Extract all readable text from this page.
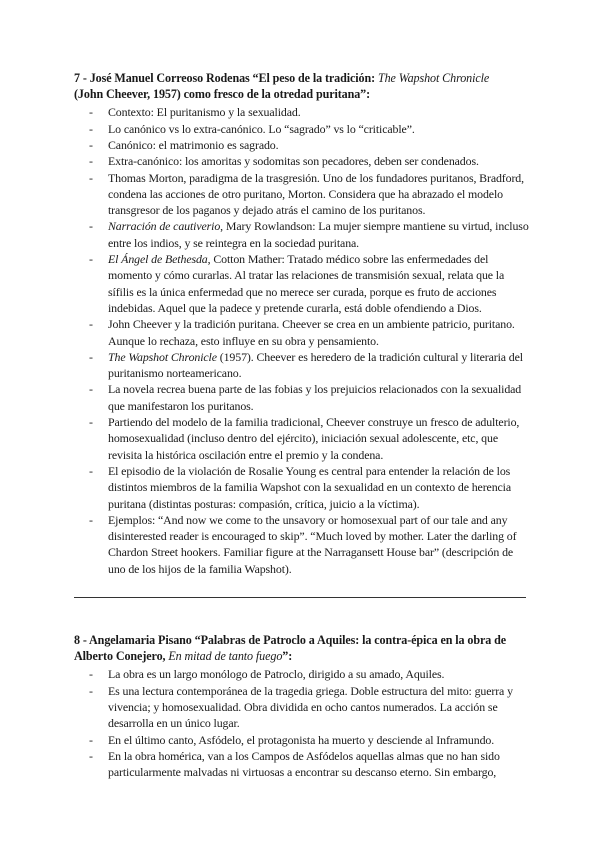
7 - José Manuel Correoso Rodenas “El peso de la tradición: The Wapshot Chronicle
(John Cheever, 1957) como fresco de la otredad puritana”:

- Contexto: El puritanismo y la sexualidad.
- Lo canónico vs lo extra-canónico. Lo “sagrado” vs lo “criticable”.
- Canónico: el matrimonio es sagrado.
- Extra-canónico: los amoritas y sodomitas son pecadores, deben ser condenados.
- Thomas Morton, paradigma de la trasgresión. Uno de los fundadores puritanos, Bradford, condena las acciones de otro puritano, Morton. Considera que ha abrazado el modelo transgresor de los paganos y dejado atrás el camino de los puritanos.
- Narración de cautiverio, Mary Rowlandson: La mujer siempre mantiene su virtud, incluso entre los indios, y se reintegra en la sociedad puritana.
- El Ángel de Bethesda, Cotton Mather: Tratado médico sobre las enfermedades del momento y cómo curarlas. Al tratar las relaciones de transmisión sexual, relata que la sífilis es la única enfermedad que no merece ser curada, porque es fruto de acciones indebidas. Aquel que la padece y pretende curarla, está doble ofendiendo a Dios.
- John Cheever y la tradición puritana. Cheever se crea en un ambiente patricio, puritano. Aunque lo rechaza, esto influye en su obra y pensamiento.
- The Wapshot Chronicle (1957). Cheever es heredero de la tradición cultural y literaria del puritanismo norteamericano.
- La novela recrea buena parte de las fobias y los prejuicios relacionados con la sexualidad que manifestaron los puritanos.
- Partiendo del modelo de la familia tradicional, Cheever construye un fresco de adulterio, homosexualidad (incluso dentro del ejército), iniciación sexual adolescente, etc, que revisita la histórica oscilación entre el premio y la condena.
- El episodio de la violación de Rosalie Young es central para entender la relación de los distintos miembros de la familia Wapshot con la sexualidad en un contexto de herencia puritana (distintas posturas: compasión, crítica, juicio a la víctima).
- Ejemplos: “And now we come to the unsavory or homosexual part of our tale and any disinterested reader is encouraged to skip”. “Much loved by mother. Later the darling of Chardon Street hookers. Familiar figure at the Narragansett House bar” (descripción de uno de los hijos de la familia Wapshot).

8 - Angelamaria Pisano “Palabras de Patroclo a Aquiles: la contra-épica en la obra de Alberto Conejero, En mitad de tanto fuego”:

- La obra es un largo monólogo de Patroclo, dirigido a su amado, Aquiles.
- Es una lectura contemporánea de la tragedia griega. Doble estructura del mito: guerra y vivencia; y homosexualidad. Obra dividida en ocho cantos numerados. La acción se desarrolla en un único lugar.
- En el último canto, Asfódelo, el protagonista ha muerto y desciende al Inframundo.
- En la obra homérica, van a los Campos de Asfódelos aquellas almas que no han sido particularmente malvadas ni virtuosas a encontrar su descanso eterno. Sin embargo,
